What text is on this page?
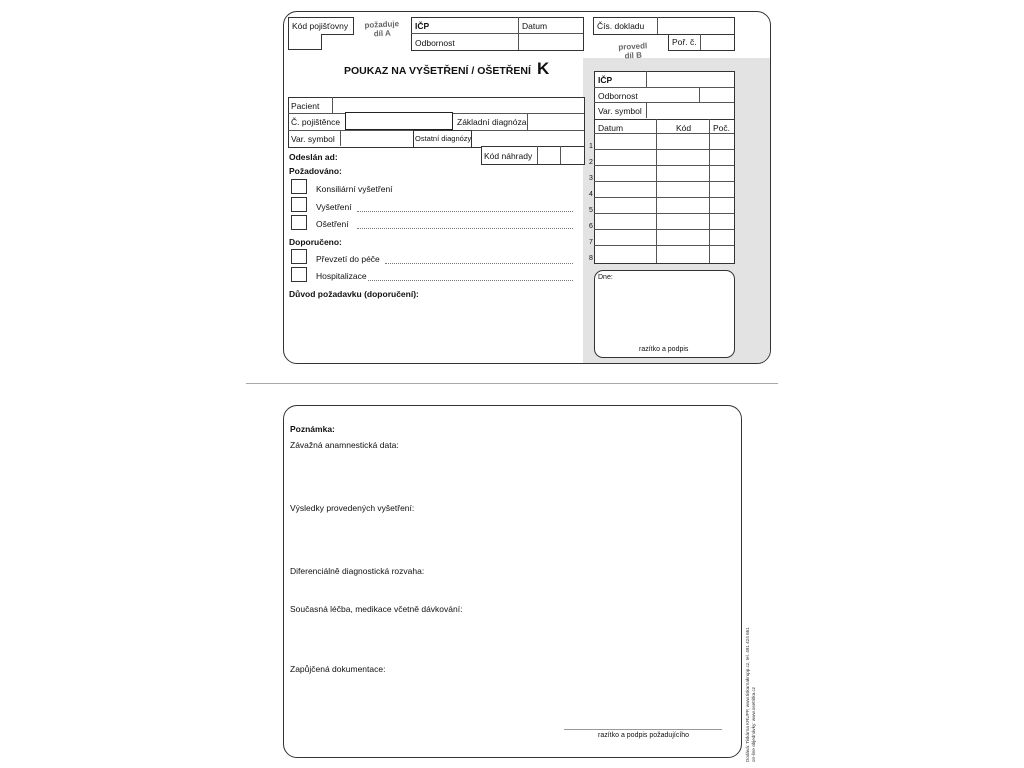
Kód pojišťovny	požaduje
díl A
IČP	Datum
Odbornost
Čís. dokladu
provedl
díl B
Poř. č.
POUKAZ NA VYŠETŘENÍ / OŠETŘENÍ K
Pacient
Č. pojištěnce	Základní diagnóza
Var. symbol	Ostatní diagnózy
Kód náhrady
Odeslán ad:
Požadováno:
Konsiliární vyšetření
Vyšetření
Ošetření
Doporučeno:
Převzetí do péče
Hospitalizace
Důvod požadavku (doporučení):
IČP
Odbornost
Var. symbol
Datum	Kód	Poč.
1
2
3
4
5
6
7
8
Dne:
razítko a podpis
Poznámka:
Závažná anamnestická data:
Výsledky provedených vyšetření:
Diferenciálně diagnostická rozvaha:
Současná léčba, medikace včetně dávkování:
Zapůjčená dokumentace:
razítko a podpis požadujícího	Dodává: Tiskárna KRUPP, www.tiskarnakrupp.cz, tel. 491 424 661 on-line objednávky: www.osetritka.cz
